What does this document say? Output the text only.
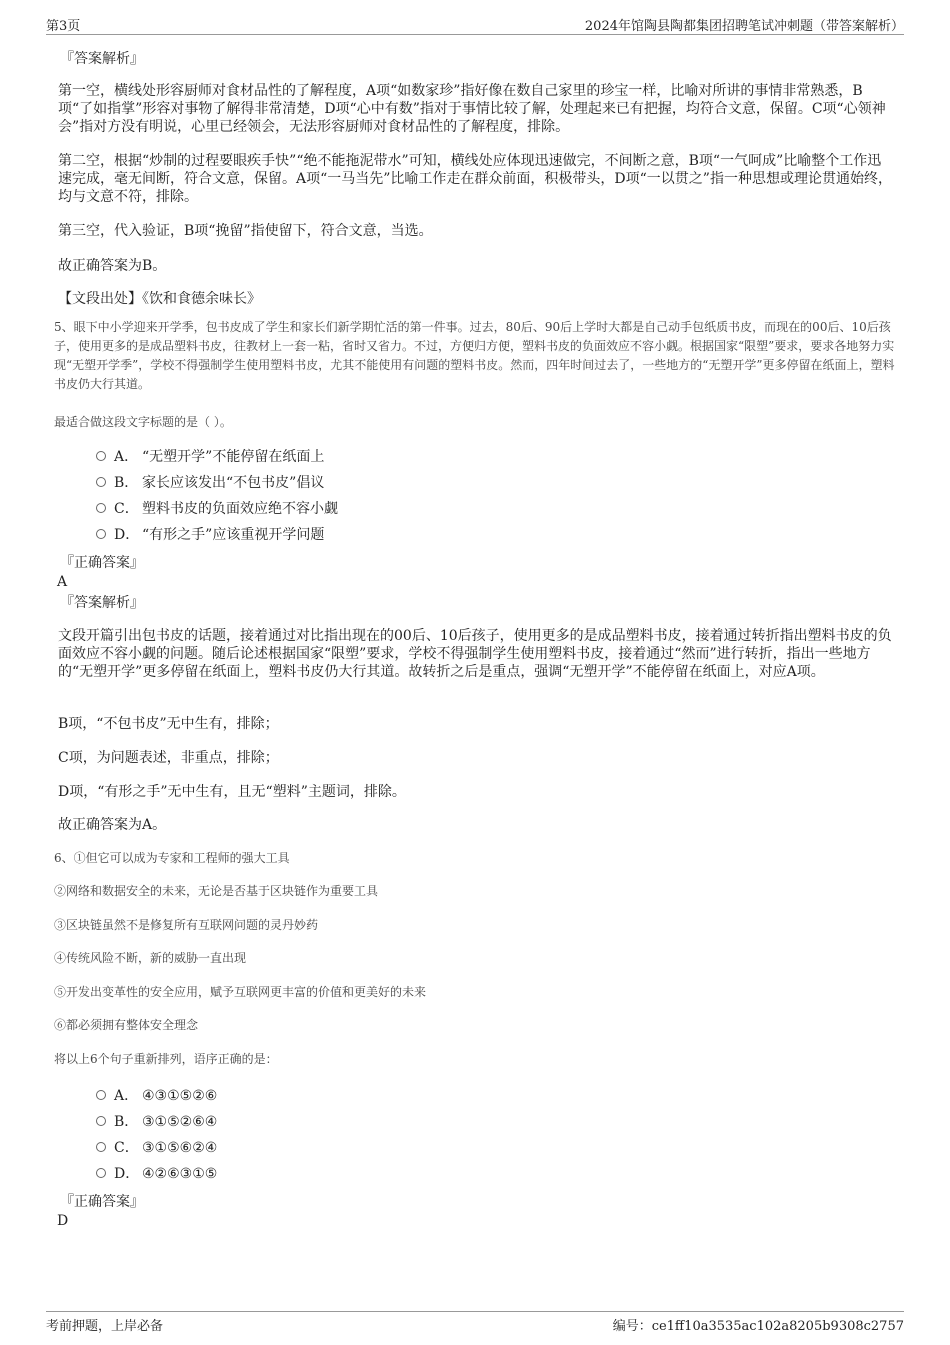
第3页	2024年馆陶县陶都集团招聘笔试冲刺题（带答案解析）

『答案解析』

第一空，横线处形容厨师对食材品性的了解程度，A项“如数家珍”指好像在数自己家里的珍宝一样，比喻对所讲的事情非常熟悉，B项“了如指掌”形容对事物了解得非常清楚，D项“心中有数”指对于事情比较了解，处理起来已有把握，均符合文意，保留。C项“心领神会”指对方没有明说，心里已经领会，无法形容厨师对食材品性的了解程度，排除。

第二空，根据“炒制的过程要眼疾手快”“绝不能拖泥带水”可知，横线处应体现迅速做完，不间断之意，B项“一气呵成”比喻整个工作迅速完成，毫无间断，符合文意，保留。A项“一马当先”比喻工作走在群众前面，积极带头，D项“一以贯之”指一种思想或理论贯通始终，均与文意不符，排除。

第三空，代入验证，B项“挽留”指使留下，符合文意，当选。

故正确答案为B。

【文段出处】《饮和食德余味长》

5、眼下中小学迎来开学季，包书皮成了学生和家长们新学期忙活的第一件事。过去，80后、90后上学时大都是自己动手包纸质书皮，而现在的00后、10后孩子，使用更多的是成品塑料书皮，往教材上一套一粘，省时又省力。不过，方便归方便，塑料书皮的负面效应不容小觑。根据国家“限塑”要求，要求各地努力实现“无塑开学季”，学校不得强制学生使用塑料书皮，尤其不能使用有问题的塑料书皮。然而，四年时间过去了，一些地方的“无塑开学”更多停留在纸面上，塑料书皮仍大行其道。

最适合做这段文字标题的是（ ）。

A． “无塑开学”不能停留在纸面上
B． 家长应该发出“不包书皮”倡议
C． 塑料书皮的负面效应绝不容小觑
D． “有形之手”应该重视开学问题

『正确答案』

A

『答案解析』

文段开篇引出包书皮的话题，接着通过对比指出现在的00后、10后孩子，使用更多的是成品塑料书皮，接着通过转折指出塑料书皮的负面效应不容小觑的问题。随后论述根据国家“限塑”要求，学校不得强制学生使用塑料书皮，接着通过“然而”进行转折，指出一些地方的“无塑开学”更多停留在纸面上，塑料书皮仍大行其道。故转折之后是重点，强调“无塑开学”不能停留在纸面上，对应A项。

B项，“不包书皮”无中生有，排除；

C项，为问题表述，非重点，排除；

D项，“有形之手”无中生有，且无“塑料”主题词，排除。

故正确答案为A。

6、①但它可以成为专家和工程师的强大工具

②网络和数据安全的未来，无论是否基于区块链作为重要工具

③区块链虽然不是修复所有互联网问题的灵丹妙药

④传统风险不断，新的威胁一直出现

⑤开发出变革性的安全应用，赋予互联网更丰富的价值和更美好的未来

⑥都必须拥有整体安全理念

将以上6个句子重新排列，语序正确的是：

A． ④③①⑤②⑥
B． ③①⑤②⑥④
C． ③①⑤⑥②④
D． ④②⑥③①⑤

『正确答案』

D

考前押题，上岸必备	编号：ce1ff10a3535ac102a8205b9308c2757
